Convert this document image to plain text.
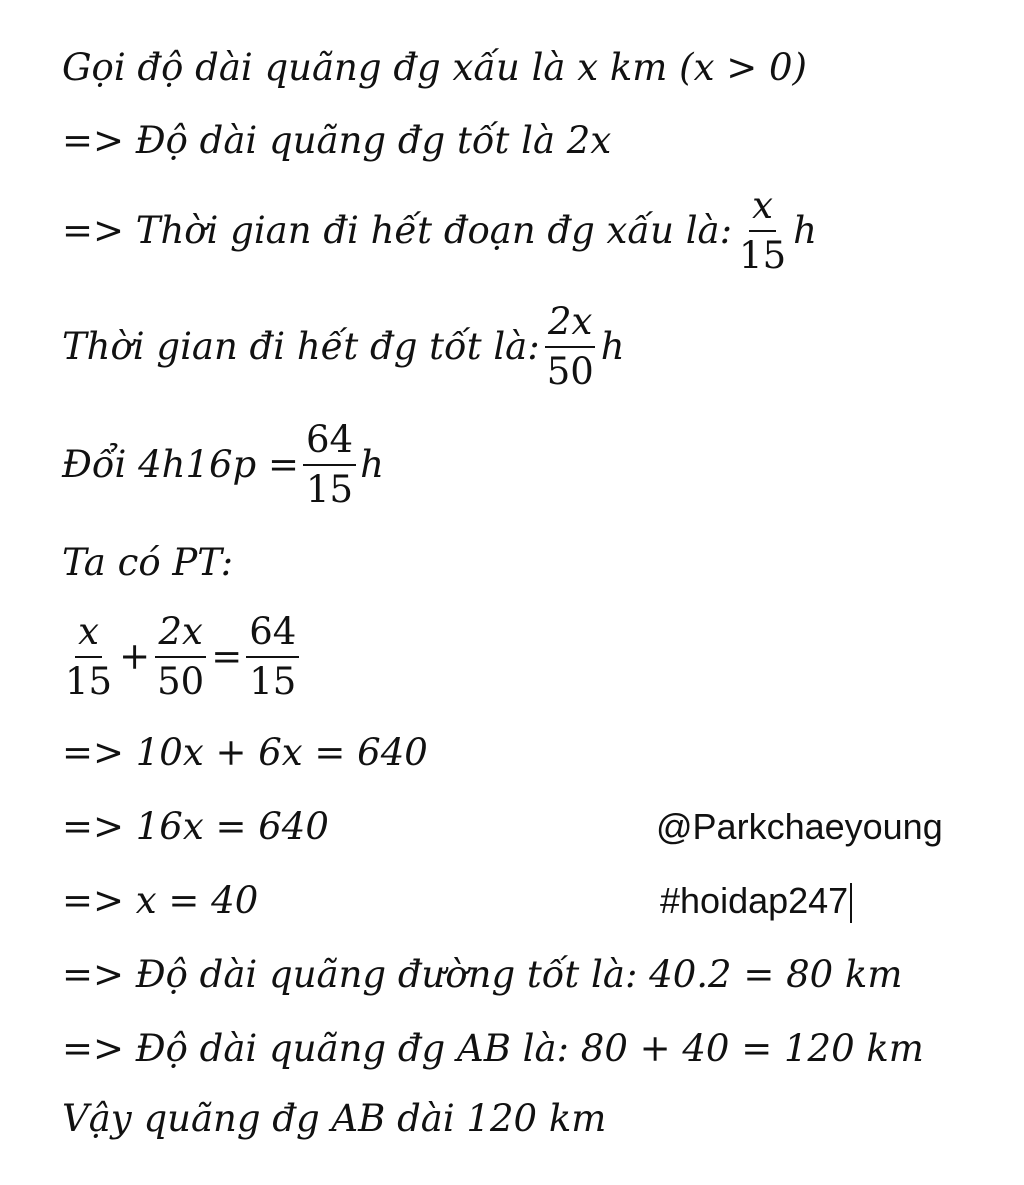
Gọi độ dài quãng đg xấu là x km (x > 0)
=> Độ dài quãng đg tốt là 2x
=> Thời gian đi hết đoạn đg xấu là: $\frac{x}{15}$ h
Thời gian đi hết đg tốt là: $\frac{2x}{50}$ h
Đổi $4h16p = \frac{64}{15}$ h
Ta có PT:
$\frac{x}{15} + \frac{2x}{50} = \frac{64}{15}$
=> 10x + 6x = 640
=> 16x = 640
=> x = 40
=> Độ dài quãng đường tốt là: 40.2 = 80 km
=> Độ dài quãng đg AB là: 80 + 40 = 120 km
Vậy quãng đg AB dài 120 km
@Parkchaeyoung
#hoidap247
